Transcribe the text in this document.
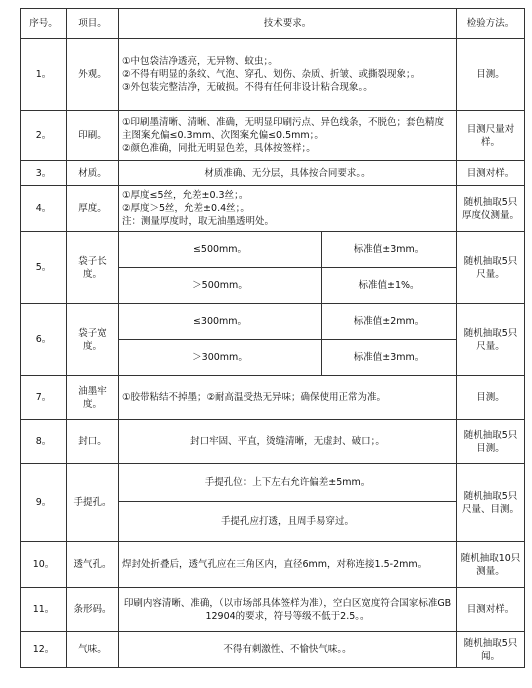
序号。	项目。	技术要求。		检验方法。
1。	外观。	①中包袋洁净透亮，无异物、蚊虫；。
②不得有明显的条纹、气泡、穿孔、划伤、杂质、折皱、或撕裂现象；。
③外包装完整洁净，无破损。不得有任何非设计粘合现象。。		目测。
2。	印刷。	①印刷墨清晰、清晰、准确，无明显印刷污点、异色线条，不脱色；套色精度主图案允偏≤0.3mm、次图案允偏≤0.5mm；。
②颜色准确，同批无明显色差，具体按签样；。		目测尺量对样。
3。	材质。	材质准确、无分层，具体按合同要求。。		目测对样。
4。	厚度。	①厚度≤5丝，允差±0.3丝；。
②厚度＞5丝，允差±0.4丝；。
注：测量厚度时，取无油墨透明处。		随机抽取5只厚度仪测量。
5。	袋子长度。	≤500mm。	标准值±3mm。	随机抽取5只尺量。
		＞500mm。	标准值±1%。	
6。	袋子宽度。	≤300mm。	标准值±2mm。	随机抽取5只尺量。
		＞300mm。	标准值±3mm。	
7。	油墨牢度。	①胶带粘结不掉墨；②耐高温受热无异味；确保使用正常为准。		目测。
8。	封口。	封口牢固、平直，烫缝清晰，无虚封、破口；。		随机抽取5只目测。
9。	手提孔。	手提孔位：上下左右允许偏差±5mm。		随机抽取5只尺量、目测。
		手提孔应打透，且周手易穿过。		
10。	透气孔。	焊封处折叠后，透气孔应在三角区内，直径6mm，对称连接1.5-2mm。		随机抽取10只测量。
11。	条形码。	印刷内容清晰、准确，（以市场部具体签样为准），空白区宽度符合国家标准GB12904的要求，符号等级不低于2.5。。		目测对样。
12。	气味。	不得有刺激性、不愉快气味。。		随机抽取5只闻。
